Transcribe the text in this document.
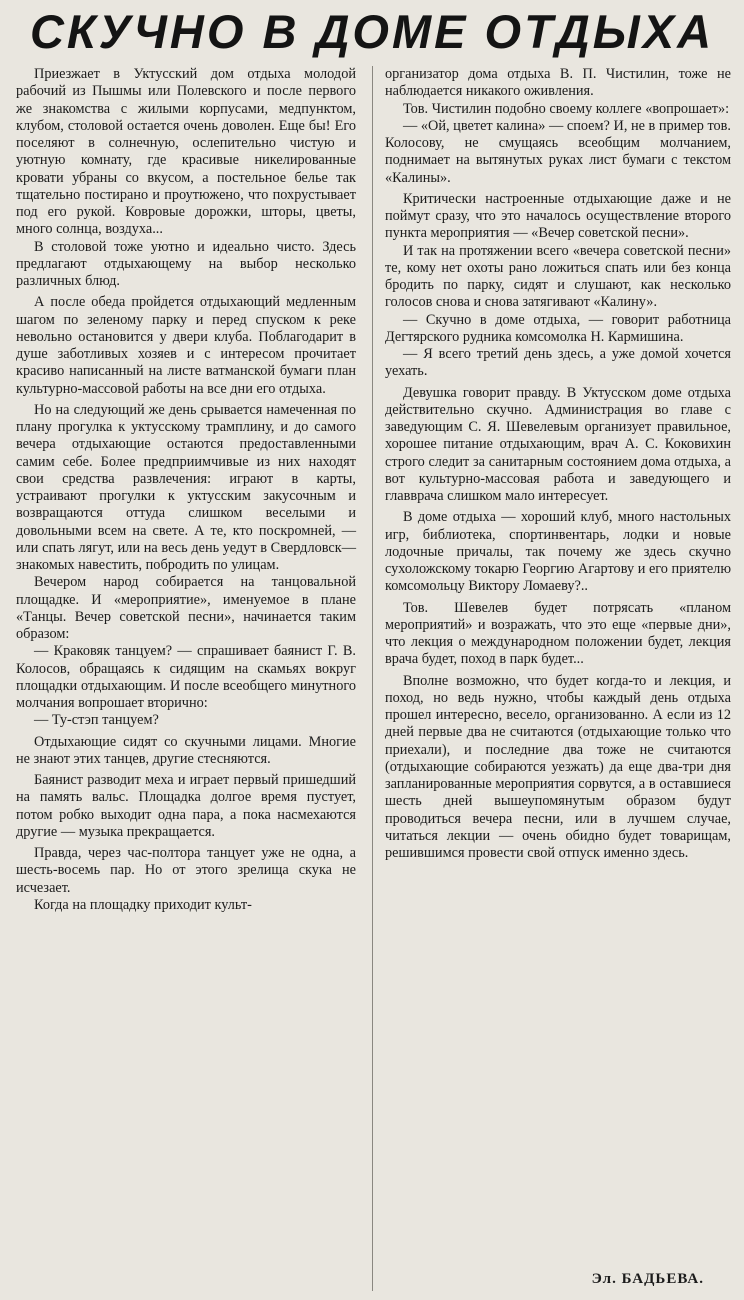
СКУЧНО В ДОМЕ ОТДЫХА

Приезжает в Уктусский дом отдыха молодой рабочий из Пышмы или Полевского и после первого же знакомства с жилыми корпусами, медпунктом, клубом, столовой остается очень доволен. Еще бы! Его поселяют в солнечную, ослепительно чистую и уютную комнату, где красивые никелированные кровати убраны со вкусом, а постельное белье так тщательно постирано и проутюжено, что похрустывает под его рукой. Ковровые дорожки, шторы, цветы, много солнца, воздуха...

В столовой тоже уютно и идеально чисто. Здесь предлагают отдыхающему на выбор несколько различных блюд.

А после обеда пройдется отдыхающий медленным шагом по зеленому парку и перед спуском к реке невольно остановится у двери клуба. Поблагодарит в душе заботливых хозяев и с интересом прочитает красиво написанный на листе ватманской бумаги план культурно-массовой работы на все дни его отдыха.

Но на следующий же день срывается намеченная по плану прогулка к уктусскому трамплину, и до самого вечера отдыхающие остаются предоставленными самим себе. Более предприимчивые из них находят свои средства развлечения: играют в карты, устраивают прогулки к уктусским закусочным и возвращаются оттуда слишком веселыми и довольными всем на свете. А те, кто поскромней, — или спать лягут, или на весь день уедут в Свердловск—знакомых навестить, побродить по улицам.

Вечером народ собирается на танцовальной площадке. И «мероприятие», именуемое в плане «Танцы. Вечер советской песни», начинается таким образом:

— Краковяк танцуем? — спрашивает баянист Г. В. Колосов, обращаясь к сидящим на скамьях вокруг площадки отдыхающим. И после всеобщего минутного молчания вопрошает вторично:

— Ту-стэп танцуем?

Отдыхающие сидят со скучными лицами. Многие не знают этих танцев, другие стесняются.

Баянист разводит меха и играет первый пришедший на память вальс. Площадка долгое время пустует, потом робко выходит одна пара, а пока насмехаются другие — музыка прекращается.

Правда, через час-полтора танцует уже не одна, а шесть-восемь пар. Но от этого зрелища скука не исчезает.

Когда на площадку приходит культ-

организатор дома отдыха В. П. Чистилин, тоже не наблюдается никакого оживления.

Тов. Чистилин подобно своему коллеге «вопрошает»:

— «Ой, цветет калина» — споем? И, не в пример тов. Колосову, не смущаясь всеобщим молчанием, поднимает на вытянутых руках лист бумаги с текстом «Калины».

Критически настроенные отдыхающие даже и не поймут сразу, что это началось осуществление второго пункта мероприятия — «Вечер советской песни».

И так на протяжении всего «вечера советской песни» те, кому нет охоты рано ложиться спать или без конца бродить по парку, сидят и слушают, как несколько голосов снова и снова затягивают «Калину».

— Скучно в доме отдыха, — говорит работница Дегтярского рудника комсомолка Н. Кармишина.

— Я всего третий день здесь, а уже домой хочется уехать.

Девушка говорит правду. В Уктусском доме отдыха действительно скучно. Администрация во главе с заведующим С. Я. Шевелевым организует правильное, хорошее питание отдыхающим, врач А. С. Коковихин строго следит за санитарным состоянием дома отдыха, а вот культурно-массовая работа и заведующего и главврача слишком мало интересует.

В доме отдыха — хороший клуб, много настольных игр, библиотека, спортинвентарь, лодки и новые лодочные причалы, так почему же здесь скучно сухоложскому токарю Георгию Агартову и его приятелю комсомольцу Виктору Ломаеву?..

Тов. Шевелев будет потрясать «планом мероприятий» и возражать, что это еще «первые дни», что лекция о международном положении будет, лекция врача будет, поход в парк будет...

Вполне возможно, что будет когда-то и лекция, и поход, но ведь нужно, чтобы каждый день отдыха прошел интересно, весело, организованно. А если из 12 дней первые два не считаются (отдыхающие только что приехали), и последние два тоже не считаются (отдыхающие собираются уезжать) да еще два-три дня запланированные мероприятия сорвутся, а в оставшиеся шесть дней вышеупомянутым образом будут проводиться вечера песни, или в лучшем случае, читаться лекции — очень обидно будет товарищам, решившимся провести свой отпуск именно здесь.

Эл. БАДЬЕВА.
